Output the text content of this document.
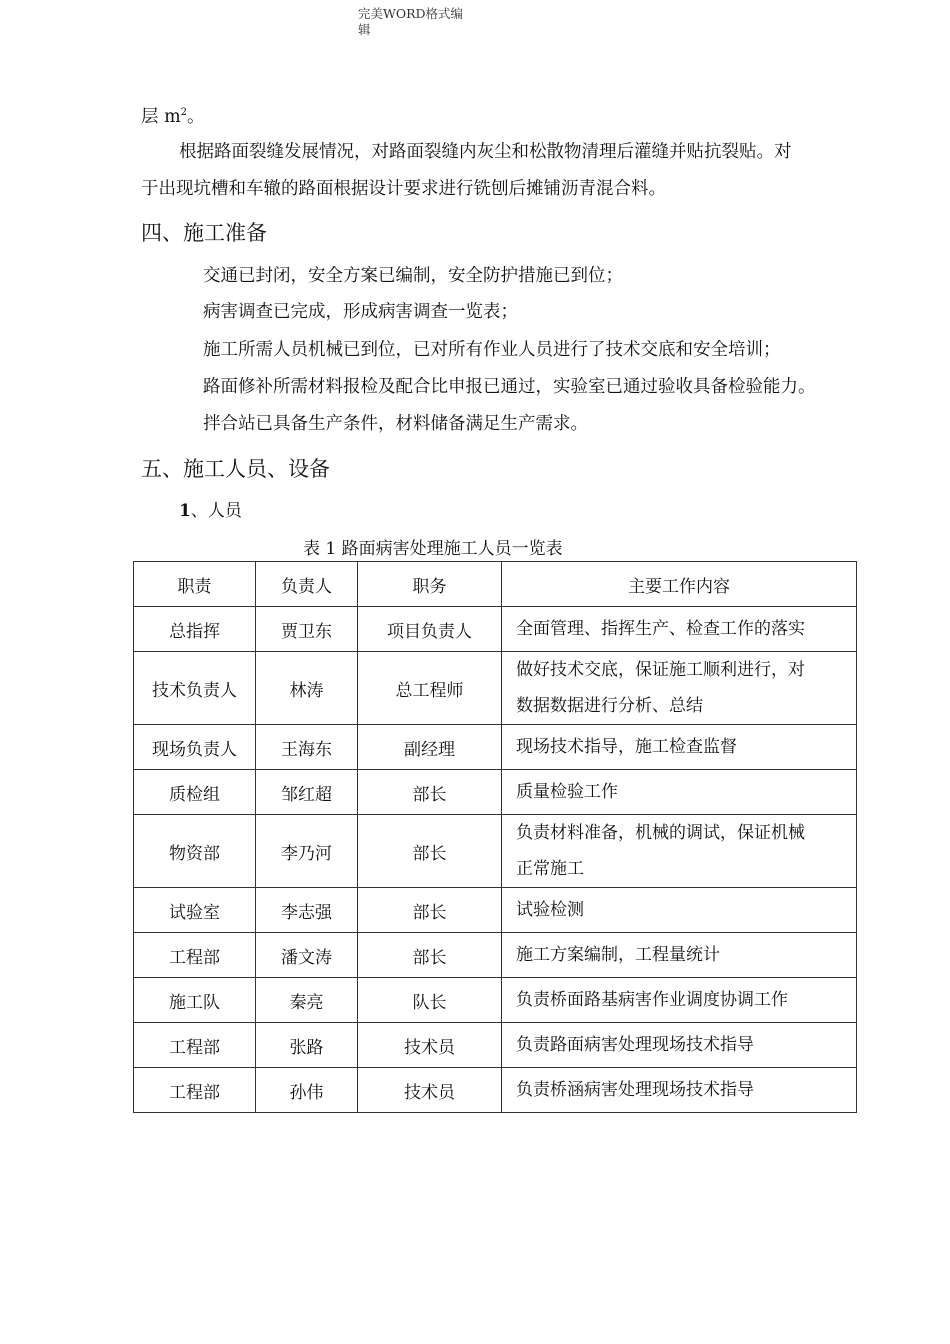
完美WORD格式编
辑
层 $m^2$。
根据路面裂缝发展情况，对路面裂缝内灰尘和松散物清理后灌缝并贴抗裂贴。对
于出现坑槽和车辙的路面根据设计要求进行铣刨后摊铺沥青混合料。
四、施工准备
交通已封闭，安全方案已编制，安全防护措施已到位；
病害调查已完成，形成病害调查一览表；
施工所需人员机械已到位，已对所有作业人员进行了技术交底和安全培训；
路面修补所需材料报检及配合比申报已通过，实验室已通过验收具备检验能力。
拌合站已具备生产条件，材料储备满足生产需求。
五、施工人员、设备
1、人员
表 1 路面病害处理施工人员一览表
职责	负责人	职务	主要工作内容
总指挥	贾卫东	项目负责人	全面管理、指挥生产、检查工作的落实

技术负责人	林涛	总工程师	做好技术交底，保证施工顺利进行，对
数据数据进行分析、总结

现场负责人	王海东	副经理	现场技术指导，施工检查监督

质检组	邹红超	部长	质量检验工作

物资部	李乃河	部长	负责材料准备，机械的调试，保证机械
正常施工

试验室	李志强	部长	试验检测

工程部	潘文涛	部长	施工方案编制，工程量统计

施工队	秦亮	队长	负责桥面路基病害作业调度协调工作

工程部	张路	技术员	负责路面病害处理现场技术指导

工程部	孙伟	技术员	负责桥涵病害处理现场技术指导
